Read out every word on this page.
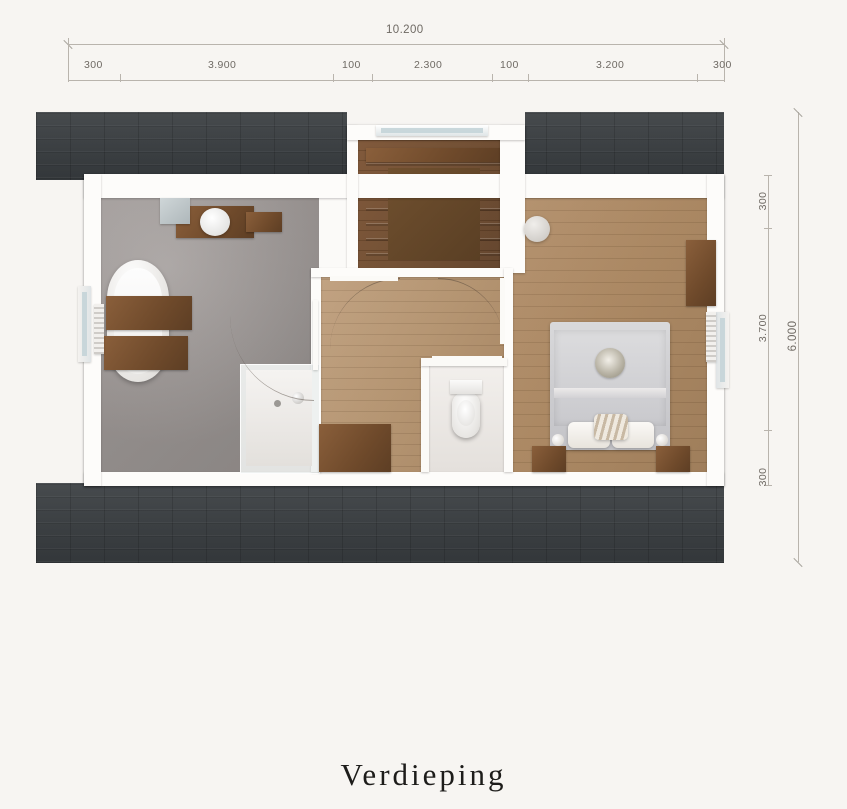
10.200
300	3.900	100	2.300	100	3.200	300
6.000
300
3.700
300
Verdieping
